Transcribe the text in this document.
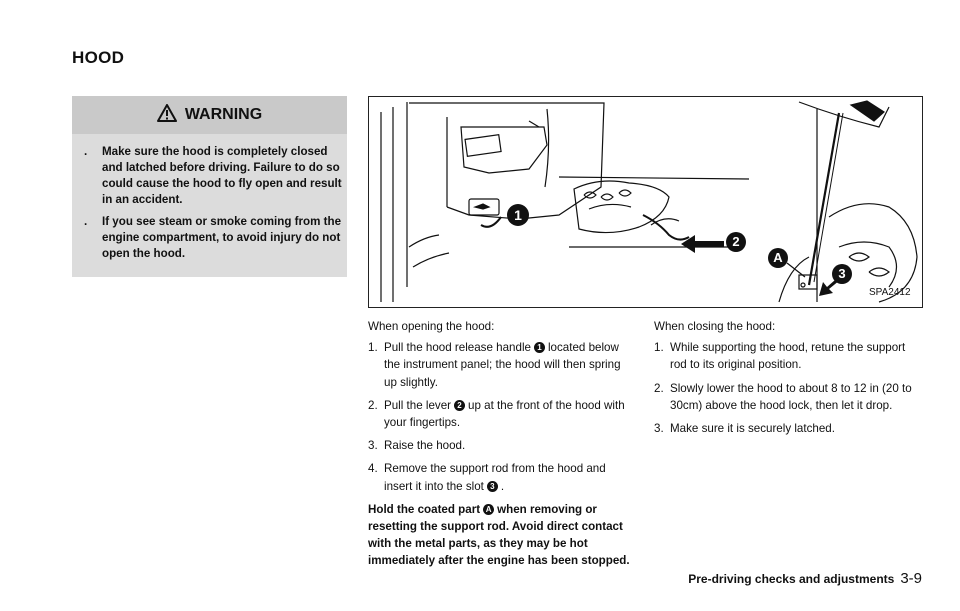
HOOD
WARNING
. Make sure the hood is completely closed and latched before driving. Failure to do so could cause the hood to fly open and result in an accident.
. If you see steam or smoke coming from the engine compartment, to avoid injury do not open the hood.
1
2
A
3
SPA2412

When opening the hood:

1. Pull the hood release handle 1 located below the instrument panel; the hood will then spring up slightly.
2. Pull the lever 2 up at the front of the hood with your fingertips.
3. Raise the hood.
4. Remove the support rod from the hood and insert it into the slot 3 .

Hold the coated part A when removing or resetting the support rod. Avoid direct contact with the metal parts, as they may be hot immediately after the engine has been stopped.

When closing the hood:

1. While supporting the hood, retune the support rod to its original position.
2. Slowly lower the hood to about 8 to 12 in (20 to 30cm) above the hood lock, then let it drop.
3. Make sure it is securely latched.
Pre-driving checks and adjustments 3-9
